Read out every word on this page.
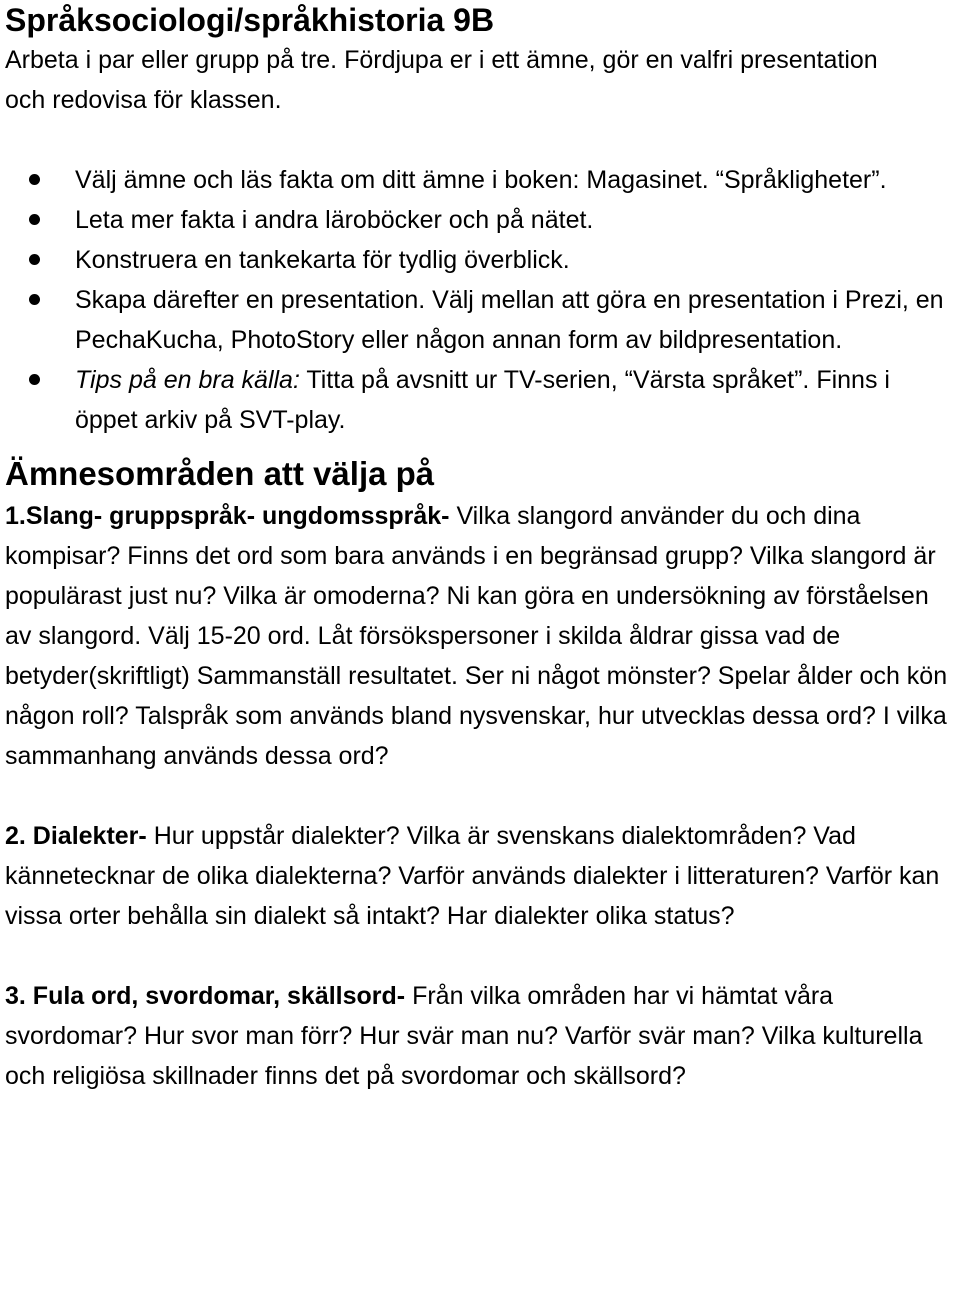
Språksociologi/språkhistoria 9B

Arbeta i par eller grupp på tre. Fördjupa er i ett ämne, gör en valfri presentation och redovisa för klassen.

Välj ämne och läs fakta om ditt ämne i boken: Magasinet. “Språkligheter”.
Leta mer fakta i andra läroböcker och på nätet.
Konstruera en tankekarta för tydlig överblick.
Skapa därefter en presentation. Välj mellan att göra en presentation i Prezi, en PechaKucha, PhotoStory eller någon annan form av bildpresentation.
Tips på en bra källa: Titta på avsnitt ur TV-serien, “Värsta språket”. Finns i öppet arkiv på SVT-play.
Ämnesområden att välja på

1.Slang- gruppspråk- ungdomsspråk- Vilka slangord använder du och dina kompisar? Finns det ord som bara används i en begränsad grupp? Vilka slangord är populärast just nu? Vilka är omoderna? Ni kan göra en undersökning av förståelsen av slangord. Välj 15-20 ord. Låt försökspersoner i skilda åldrar gissa vad de betyder(skriftligt) Sammanställ resultatet. Ser ni något mönster? Spelar ålder och kön någon roll? Talspråk som används bland nysvenskar, hur utvecklas dessa ord? I vilka sammanhang används dessa ord?

2. Dialekter- Hur uppstår dialekter? Vilka är svenskans dialektområden? Vad kännetecknar de olika dialekterna? Varför används dialekter i litteraturen? Varför kan vissa orter behålla sin dialekt så intakt? Har dialekter olika status?

3. Fula ord, svordomar, skällsord- Från vilka områden har vi hämtat våra svordomar? Hur svor man förr? Hur svär man nu? Varför svär man? Vilka kulturella och religiösa skillnader finns det på svordomar och skällsord?
